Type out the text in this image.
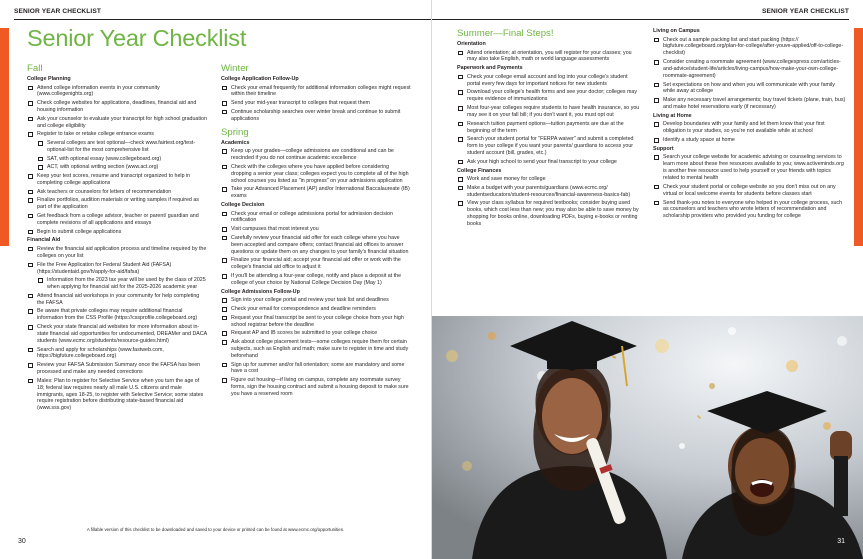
SENIOR YEAR CHECKLIST
Senior Year Checklist
Fall
College Planning
Attend college information events in your community (www.collegenights.org)
Check college websites for applications, deadlines, financial aid and housing information
Ask your counselor to evaluate your transcript for high school graduation and college eligibility
Register to take or retake college entrance exams
Several colleges are test optional—check www.fairtest.org/test-optional-list for the most comprehensive list
SAT, with optional essay (www.collegeboard.org)
ACT, with optional writing section (www.act.org)
Keep your test scores, resume and transcript organized to help in completing college applications
Ask teachers or counselors for letters of recommendation
Finalize portfolios, audition materials or writing samples if required as part of the application
Get feedback from a college advisor, teacher or parent/ guardian and complete revisions of all applications and essays
Begin to submit college applications
Financial Aid
Review the financial aid application process and timeline required by the colleges on your list
File the Free Application for Federal Student Aid (FAFSA) (https://studentaid.gov/h/apply-for-aid/fafsa)
Information from the 2023 tax year will be used by the class of 2025 when applying for financial aid for the 2025-2026 academic year
Attend financial aid workshops in your community for help completing the FAFSA
Be aware that private colleges may require additional financial information from the CSS Profile (https://cssprofile.collegeboard.org)
Check your state financial aid websites for more information about in-state financial aid opportunities for undocumented, DREAMer and DACA students (www.ecmc.org/students/resource-guides.html)
Search and apply for scholarships (www.fastweb.com, https://bigfuture.collegeboard.org)
Review your FAFSA Submission Summary once the FAFSA has been processed and make any needed corrections
Males: Plan to register for Selective Service when you turn the age of 18; federal law requires nearly all male U.S. citizens and male immigrants, ages 18-25, to register with Selective Service; some states require registration before distributing state-based financial aid (www.sss.gov)
Winter
College Application Follow-Up
Check your email frequently for additional information colleges might request within their timeline
Send your mid-year transcript to colleges that request them
Continue scholarship searches over winter break and continue to submit applications
Spring
Academics
Keep up your grades—college admissions are conditional and can be rescinded if you do not continue academic excellence
Check with the colleges where you have applied before considering dropping a senior year class; colleges expect you to complete all of the high school courses you listed as "in progress" on your admissions application
Take your Advanced Placement (AP) and/or International Baccalaureate (IB) exams
College Decision
Check your email or college admissions portal for admission decision notification
Visit campuses that most interest you
Carefully review your financial aid offer for each college where you have been accepted and compare offers; contact financial aid offices to answer questions or update them on any changes to your family's financial situation
Finalize your financial aid; accept your financial aid offer or work with the college's financial aid office to adjust it
If you'll be attending a four-year college, notify and place a deposit at the college of your choice by National College Decision Day (May 1)
College Admissions Follow-Up
Sign into your college portal and review your task list and deadlines
Check your email for correspondence and deadline reminders
Request your final transcript be sent to your college choice from your high school registrar before the deadline
Request AP and IB scores be submitted to your college choice
Ask about college placement tests—some colleges require them for certain subjects, such as English and math; make sure to register in time and study beforehand
Sign up for summer and/or fall orientation; some are mandatory and some have a cost
Figure out housing—if living on campus, complete any roommate survey forms, sign the housing contract and submit a housing deposit to make sure you have a reserved room
A fillable version of this checklist to be downloaded and saved to your device or printed can be found at www.ecmc.org/opportunities.
30
SENIOR YEAR CHECKLIST
Summer—Final Steps!
Orientation
Attend orientation; at orientation, you will register for your classes; you may also take English, math or world language assessments
Paperwork and Payments
Check your college email account and log into your college's student portal every few days for important notices for new students
Download your college's health forms and see your doctor; colleges may require evidence of immunizations
Most four-year colleges require students to have health insurance, so you may see it on your fall bill; if you don't want it, you must opt out
Research tuition payment options—tuition payments are due at the beginning of the term
Search your student portal for "FERPA waiver" and submit a completed form to your college if you want your parents/ guardians to access your student account (bill, grades, etc.)
Ask your high school to send your final transcript to your college
College Finances
Work and save money for college
Make a budget with your parents/guardians (www.ecmc.org/ studentseducators/student-resources/financial-awareness-basics-fab)
View your class syllabus for required textbooks; consider buying used books, which cost less than new; you may also be able to save money by shopping for books online, downloading PDFs, buying e-books or renting books
Living on Campus
Check out a sample packing list and start packing (https:// bigfuture.collegeboard.org/plan-for-college/after-youve-applied/off-to-college-checklist)
Consider creating a roommate agreement (www.collegexpress.com/articles-and-advice/student-life/articles/living-campus/how-make-your-own-college-roommate-agreement)
Set expectations on how and when you will communicate with your family while away at college
Make any necessary travel arrangements; buy travel tickets (plane, train, bus) and make hotel reservations early (if necessary)
Living at Home
Develop boundaries with your family and let them know that your first obligation is your studies, so you're not available while at school
Identify a study space at home
Support
Search your college website for academic advising or counseling services to learn more about these free resources available to you; www.activeminds.org is another free resource used to help yourself or your friends with topics related to mental health
Check your student portal or college website so you don't miss out on any virtual or local welcome events for students before classes start
Send thank-you notes to everyone who helped in your college process, such as counselors and teachers who wrote letters of recommendation and scholarship providers who provided you funding for college
31
